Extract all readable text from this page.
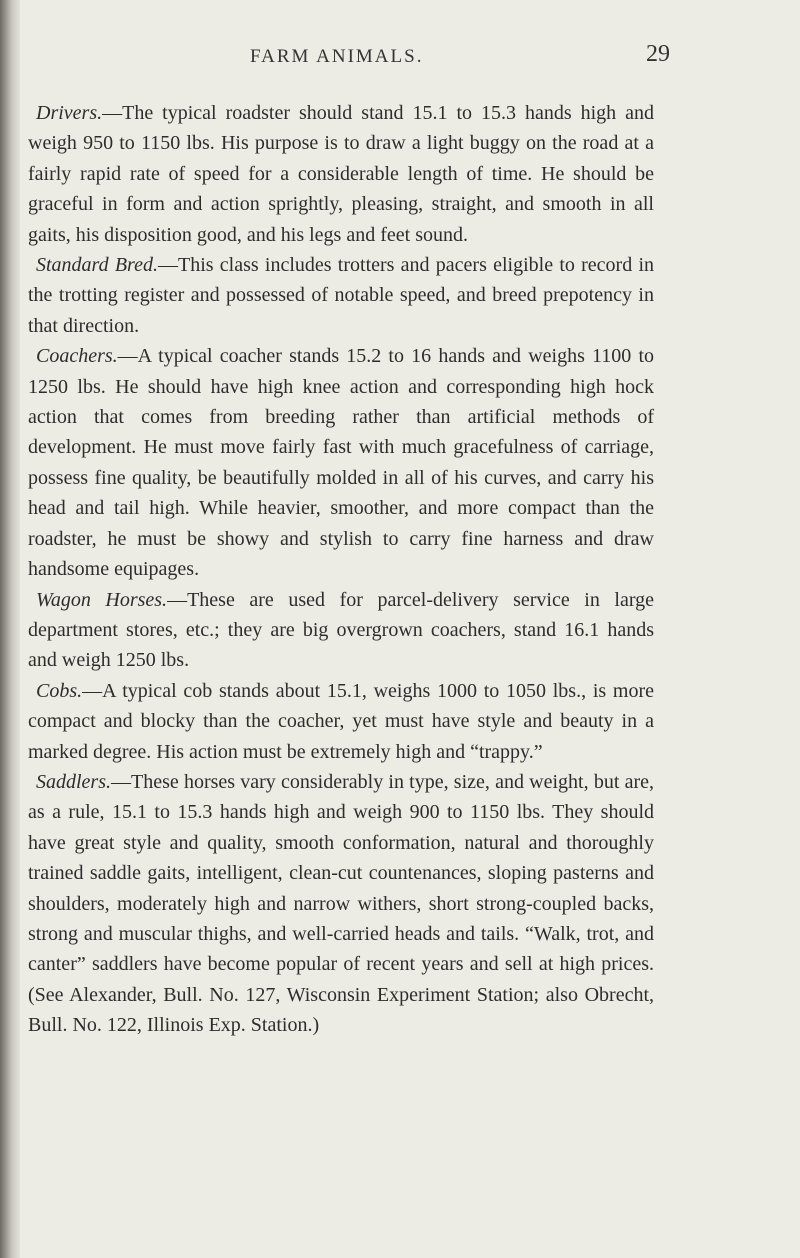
FARM ANIMALS.	29

Drivers.—The typical roadster should stand 15.1 to 15.3 hands high and weigh 950 to 1150 lbs. His purpose is to draw a light buggy on the road at a fairly rapid rate of speed for a considerable length of time. He should be graceful in form and action sprightly, pleasing, straight, and smooth in all gaits, his disposition good, and his legs and feet sound.

Standard Bred.—This class includes trotters and pacers eligible to record in the trotting register and possessed of notable speed, and breed prepotency in that direction.

Coachers.—A typical coacher stands 15.2 to 16 hands and weighs 1100 to 1250 lbs. He should have high knee action and corresponding high hock action that comes from breeding rather than artificial methods of development. He must move fairly fast with much gracefulness of carriage, possess fine quality, be beautifully molded in all of his curves, and carry his head and tail high. While heavier, smoother, and more compact than the roadster, he must be showy and stylish to carry fine harness and draw handsome equipages.

Wagon Horses.—These are used for parcel-delivery service in large department stores, etc.; they are big overgrown coachers, stand 16.1 hands and weigh 1250 lbs.

Cobs.—A typical cob stands about 15.1, weighs 1000 to 1050 lbs., is more compact and blocky than the coacher, yet must have style and beauty in a marked degree. His action must be extremely high and “trappy.”

Saddlers.—These horses vary considerably in type, size, and weight, but are, as a rule, 15.1 to 15.3 hands high and weigh 900 to 1150 lbs. They should have great style and quality, smooth conformation, natural and thoroughly trained saddle gaits, intelligent, clean-cut countenances, sloping pasterns and shoulders, moderately high and narrow withers, short strong-coupled backs, strong and muscular thighs, and well-carried heads and tails. “Walk, trot, and canter” saddlers have become popular of recent years and sell at high prices. (See Alexander, Bull. No. 127, Wisconsin Experiment Station; also Obrecht, Bull. No. 122, Illinois Exp. Station.)
